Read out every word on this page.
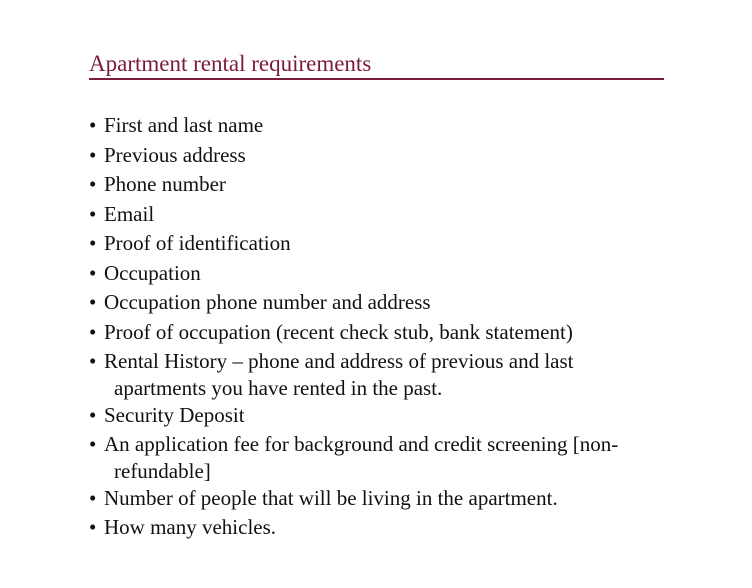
Apartment rental requirements
• First and last name
• Previous address
• Phone number
• Email
• Proof of identification
• Occupation
• Occupation phone number and address
• Proof of occupation (recent check stub, bank statement)
• Rental History – phone and address of previous and last
apartments you have rented in the past.
• Security Deposit
• An application fee for background and credit screening [non-
refundable]
• Number of people that will be living in the apartment.
• How many vehicles.
